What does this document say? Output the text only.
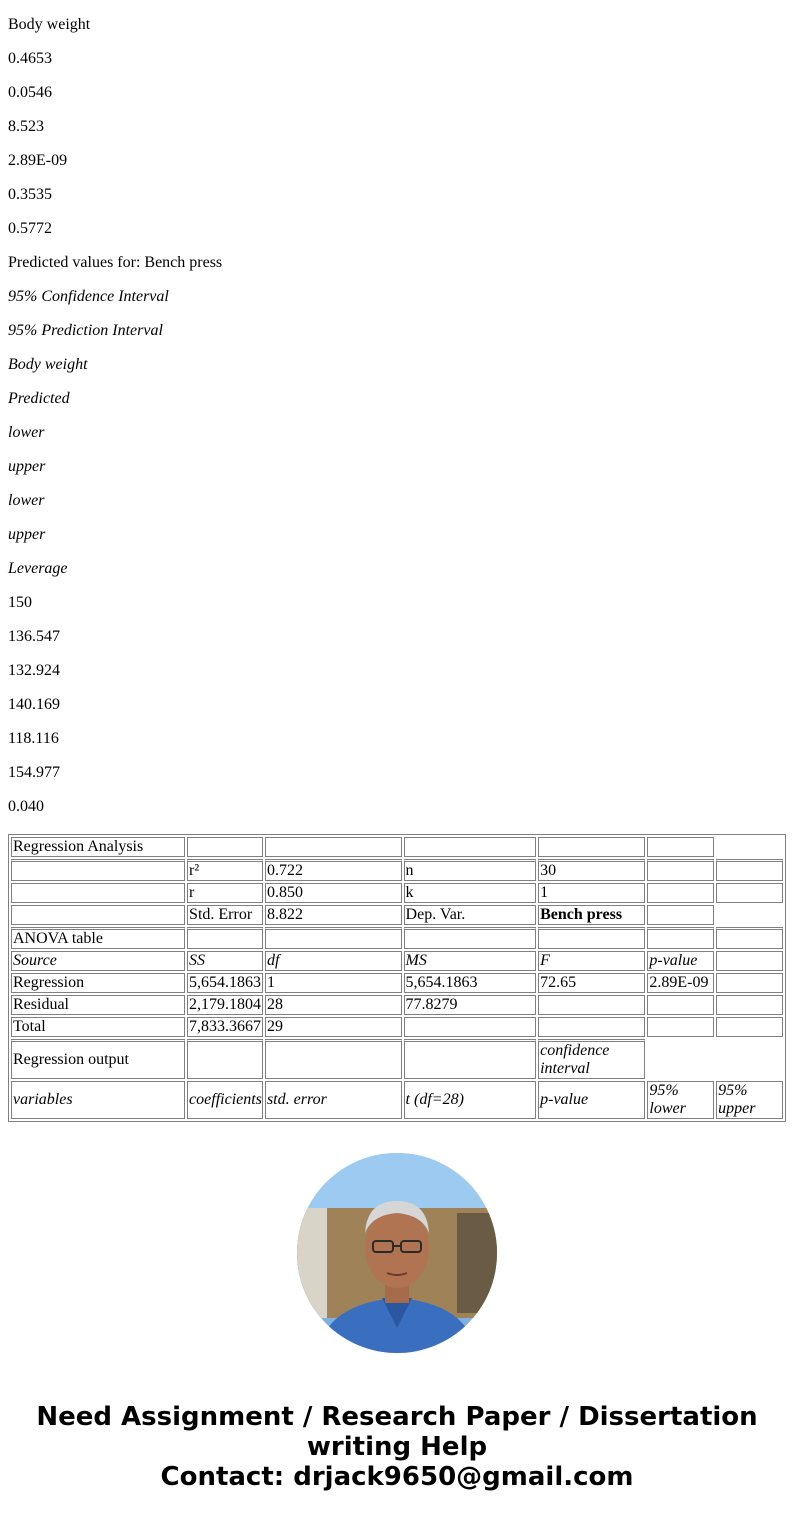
Body weight
0.4653
0.0546
8.523
2.89E-09
0.3535
0.5772
Predicted values for: Bench press
95% Confidence Interval
95% Prediction Interval
Body weight
Predicted
lower
upper
lower
upper
Leverage
150
136.547
132.924
140.169
118.116
154.977
0.040
Regression Analysis						
	r²	0.722	n	30		
	r	0.850	k	1		
	Std. Error	8.822	Dep. Var.	Bench press		
ANOVA table						
Source	SS	df	MS	F	p-value	
Regression	5,654.1863	1	5,654.1863	72.65	2.89E-09	
Residual	2,179.1804	28	77.8279			
Total	7,833.3667	29				
Regression output				confidence interval		
variables	coefficients	std. error	t (df=28)	p-value	95% lower	95% upper
Need Assignment / Research Paper / Dissertation
writing Help
Contact: drjack9650@gmail.com
